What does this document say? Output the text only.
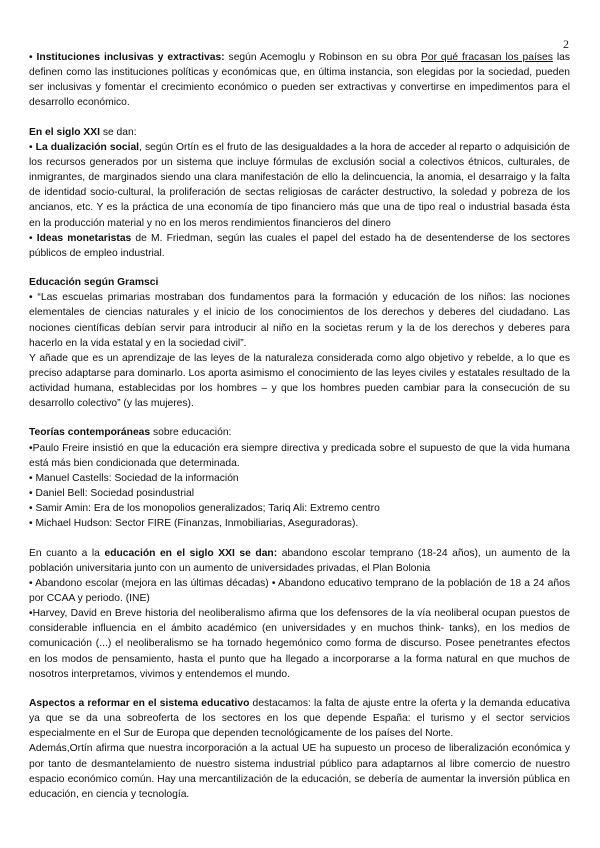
2

• Instituciones inclusivas y extractivas: según Acemoglu y Robinson en su obra Por qué fracasan los países las definen como las instituciones políticas y económicas que, en última instancia, son elegidas por la sociedad, pueden ser inclusivas y fomentar el crecimiento económico o pueden ser extractivas y convertirse en impedimentos para el desarrollo económico.

En el siglo XXI se dan:

• La dualización social, según Ortín es el fruto de las desigualdades a la hora de acceder al reparto o adquisición de los recursos generados por un sistema que incluye fórmulas de exclusión social a colectivos étnicos, culturales, de inmigrantes, de marginados siendo una clara manifestación de ello la delincuencia, la anomia, el desarraigo y la falta de identidad socio-cultural, la proliferación de sectas religiosas de carácter destructivo, la soledad y pobreza de los ancianos, etc. Y es la práctica de una economía de tipo financiero más que una de tipo real o industrial basada ésta en la producción material y no en los meros rendimientos financieros del dinero

• Ideas monetaristas de M. Friedman, según las cuales el papel del estado ha de desentenderse de los sectores públicos de empleo industrial.

Educación según Gramsci

• “Las escuelas primarias mostraban dos fundamentos para la formación y educación de los niños: las nociones elementales de ciencias naturales y el inicio de los conocimientos de los derechos y deberes del ciudadano. Las nociones científicas debían servir para introducir al niño en la societas rerum y la de los derechos y deberes para hacerlo en la vida estatal y en la sociedad civil”.

Y añade que es un aprendizaje de las leyes de la naturaleza considerada como algo objetivo y rebelde, a lo que es preciso adaptarse para dominarlo. Los aporta asimismo el conocimiento de las leyes civiles y estatales resultado de la actividad humana, establecidas por los hombres – y que los hombres pueden cambiar para la consecución de su desarrollo colectivo” (y las mujeres).

Teorías contemporáneas sobre educación:

•Paulo Freire insistió en que la educación era siempre directiva y predicada sobre el supuesto de que la vida humana está más bien condicionada que determinada.

• Manuel Castells: Sociedad de la información

• Daniel Bell: Sociedad posindustrial

• Samir Amin: Era de los monopolios generalizados; Tariq Ali: Extremo centro

• Michael Hudson: Sector FIRE (Finanzas, Inmobiliarias, Aseguradoras).

En cuanto a la educación en el siglo XXI se dan: abandono escolar temprano (18-24 años), un aumento de la población universitaria junto con un aumento de universidades privadas, el Plan Bolonia

• Abandono escolar (mejora en las últimas décadas) • Abandono educativo temprano de la población de 18 a 24 años por CCAA y periodo. (INE)

•Harvey, David en Breve historia del neoliberalismo afirma que los defensores de la vía neoliberal ocupan puestos de considerable influencia en el ámbito académico (en universidades y en muchos think- tanks), en los medios de comunicación (...) el neoliberalismo se ha tornado hegemónico como forma de discurso. Posee penetrantes efectos en los modos de pensamiento, hasta el punto que ha llegado a incorporarse a la forma natural en que muchos de nosotros interpretamos, vivimos y entendemos el mundo.

Aspectos a reformar en el sistema educativo destacamos: la falta de ajuste entre la oferta y la demanda educativa ya que se da una sobreoferta de los sectores en los que depende España: el turismo y el sector servicios especialmente en el Sur de Europa que dependen tecnológicamente de los países del Norte.

Además,Ortín afirma que nuestra incorporación a la actual UE ha supuesto un proceso de liberalización económica y por tanto de desmantelamiento de nuestro sistema industrial público para adaptarnos al libre comercio de nuestro espacio económico común. Hay una mercantilización de la educación, se debería de aumentar la inversión pública en educación, en ciencia y tecnología.
